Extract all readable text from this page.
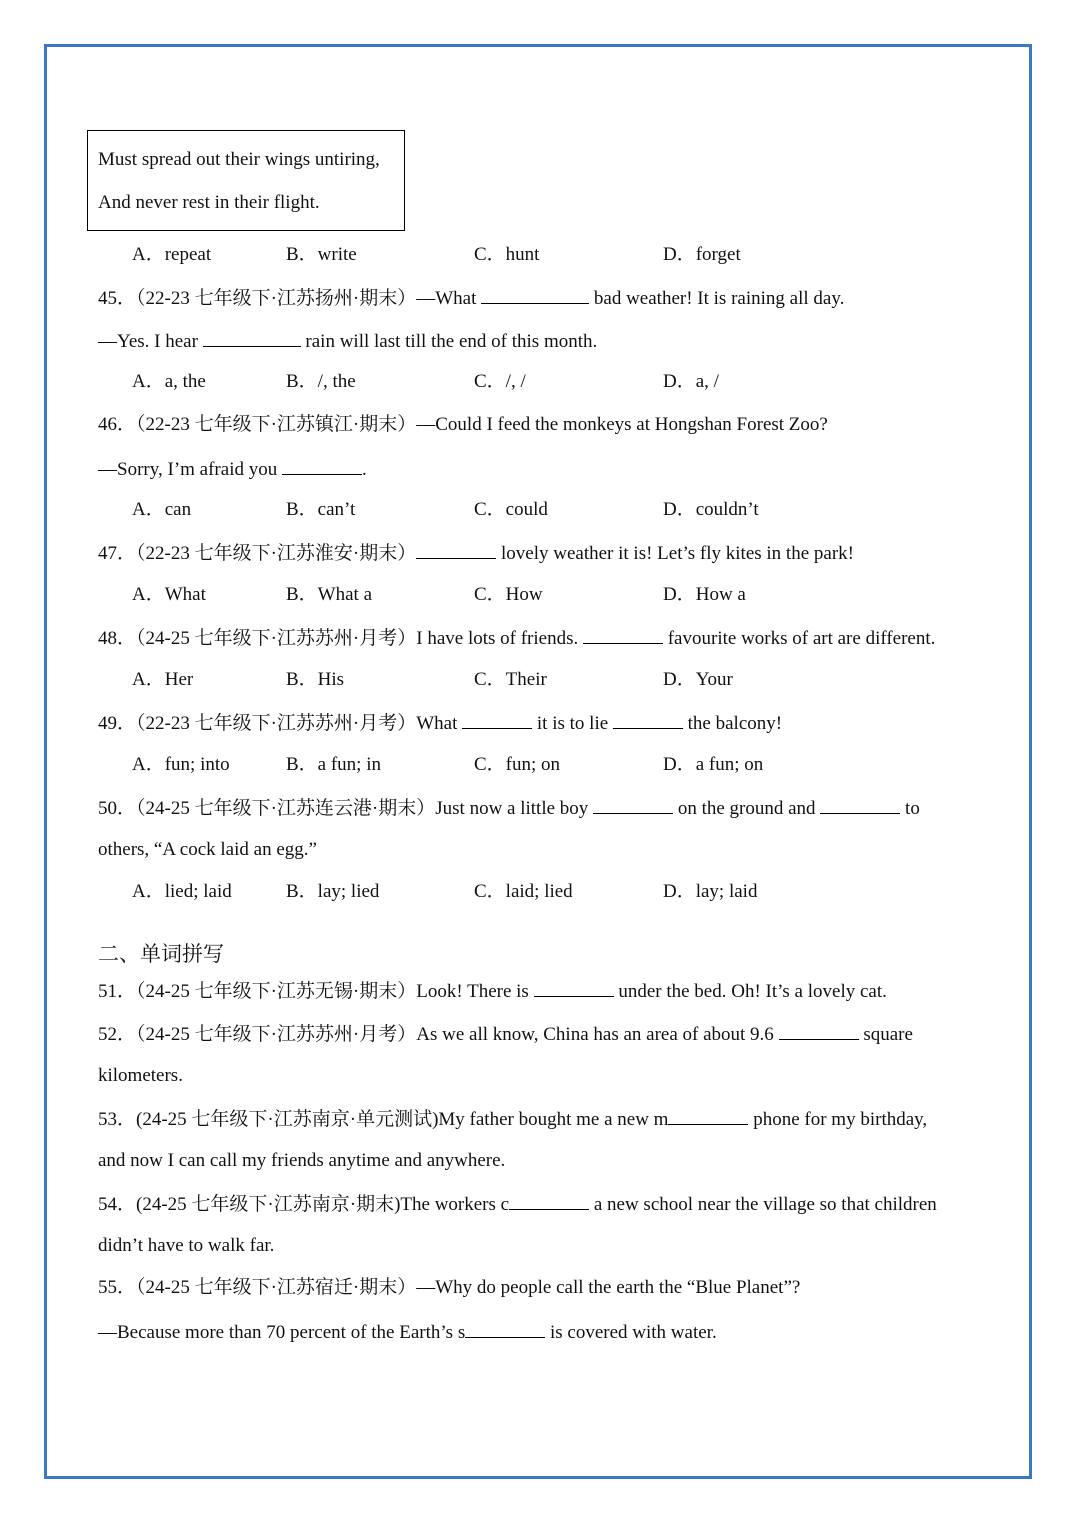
Must spread out their wings untiring,
And never rest in their flight.
A．repeat	B．write	C．hunt	D．forget
45．（22-23 七年级下·江苏扬州·期末）—What	bad weather! It is raining all day.
—Yes. I hear	rain will last till the end of this month.
A．a, the	B．/, the	C．/, /	D．a, /
46．（22-23 七年级下·江苏镇江·期末）—Could I feed the monkeys at Hongshan Forest Zoo?
—Sorry, I’m afraid you	.
A．can	B．can’t	C．could	D．couldn’t
47．（22-23 七年级下·江苏淮安·期末）	lovely weather it is! Let’s fly kites in the park!
A．What	B．What a	C．How	D．How a
48．（24-25 七年级下·江苏苏州·月考）I have lots of friends.	favourite works of art are different.
A．Her	B．His	C．Their	D．Your
49．（22-23 七年级下·江苏苏州·月考）What	it is to lie	the balcony!
A．fun; into	B．a fun; in	C．fun; on	D．a fun; on
50．（24-25 七年级下·江苏连云港·期末）Just now a little boy	on the ground and	to
others, “A cock laid an egg.”
A．lied; laid	B．lay; lied	C．laid; lied	D．lay; laid
二、单词拼写
51．（24-25 七年级下·江苏无锡·期末）Look! There is	under the bed. Oh! It’s a lovely cat.
52．（24-25 七年级下·江苏苏州·月考）As we all know, China has an area of about 9.6	square
kilometers.
53．(24-25 七年级下·江苏南京·单元测试)My father bought me a new m	phone for my birthday,
and now I can call my friends anytime and anywhere.
54．(24-25 七年级下·江苏南京·期末)The workers c	a new school near the village so that children
didn’t have to walk far.
55．（24-25 七年级下·江苏宿迁·期末）—Why do people call the earth the “Blue Planet”?
—Because more than 70 percent of the Earth’s s	is covered with water.
